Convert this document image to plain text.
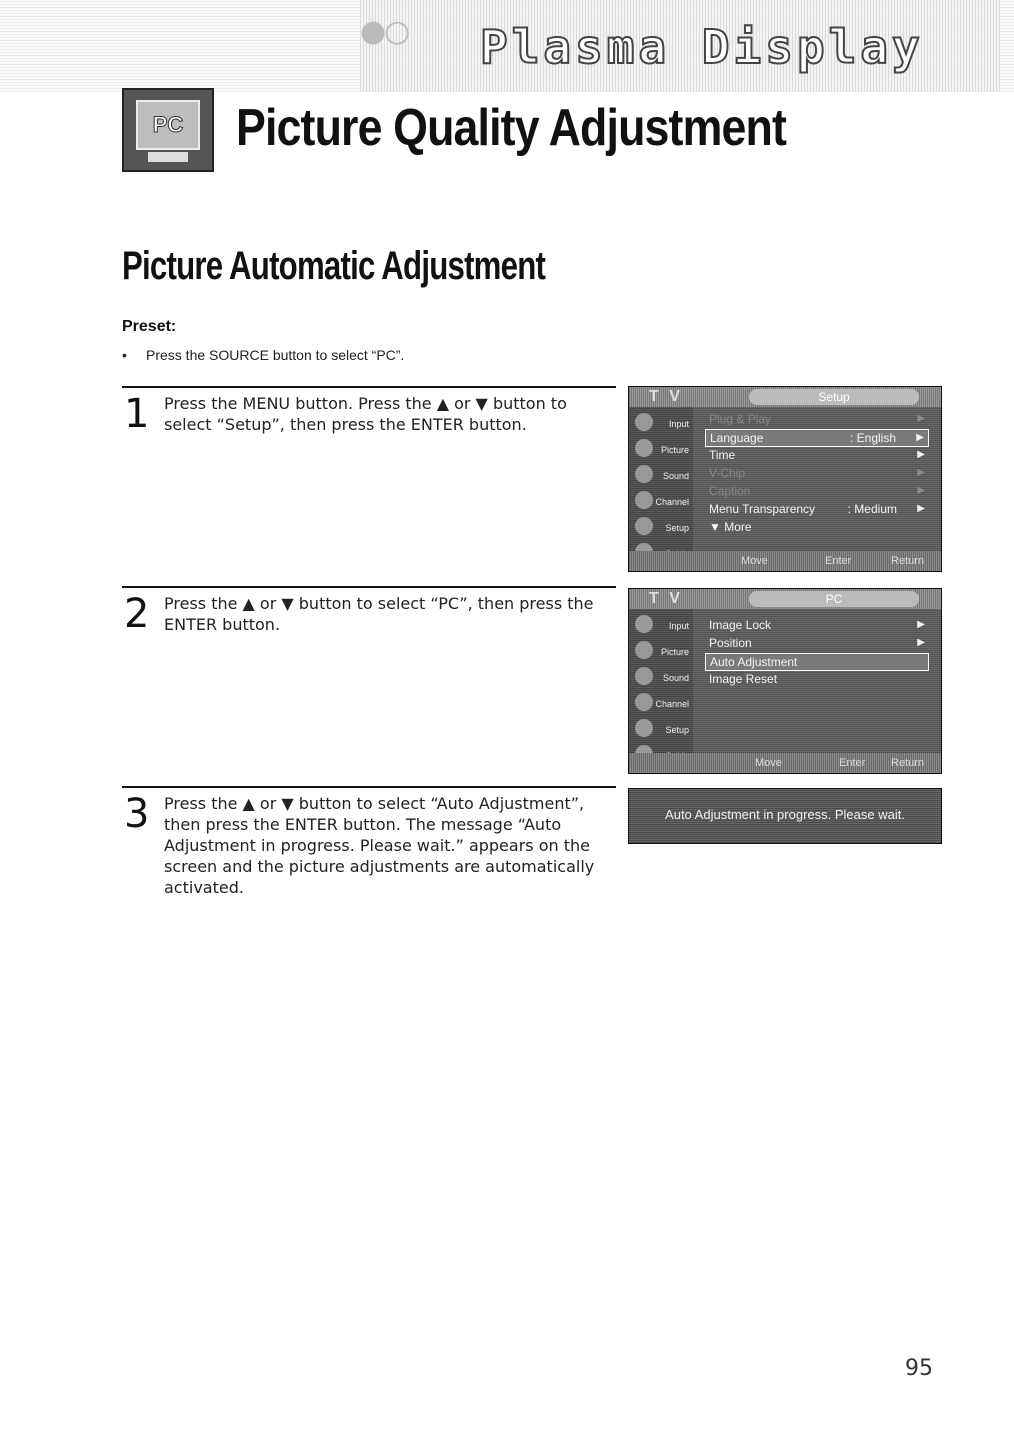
●○	Plasma Display
PC Picture Quality Adjustment
Picture Automatic Adjustment
Preset:
• Press the SOURCE button to select “PC”.
1 Press the MENU button. Press the ▲ or ▼ button to select “Setup”, then press the ENTER button.
2 Press the ▲ or ▼ button to select “PC”, then press the ENTER button.
3 Press the ▲ or ▼ button to select “Auto Adjustment”, then press the ENTER button. The message “Auto Adjustment in progress. Please wait.” appears on the screen and the picture adjustments are automatically activated.
T V	Setup
Input
Picture
Sound
Channel
Setup
Plug & Play	▶
Language	: English ▶
Time	▶
V-Chip	▶
Caption	▶
Menu Transparency	: Medium ▶
▼ More
Move	Enter	Return
T V	PC
Input
Picture
Sound
Channel
Setup
Image Lock	▶
Position	▶
Auto Adjustment
Image Reset
Move	Enter Return
Auto Adjustment in progress. Please wait.
95
